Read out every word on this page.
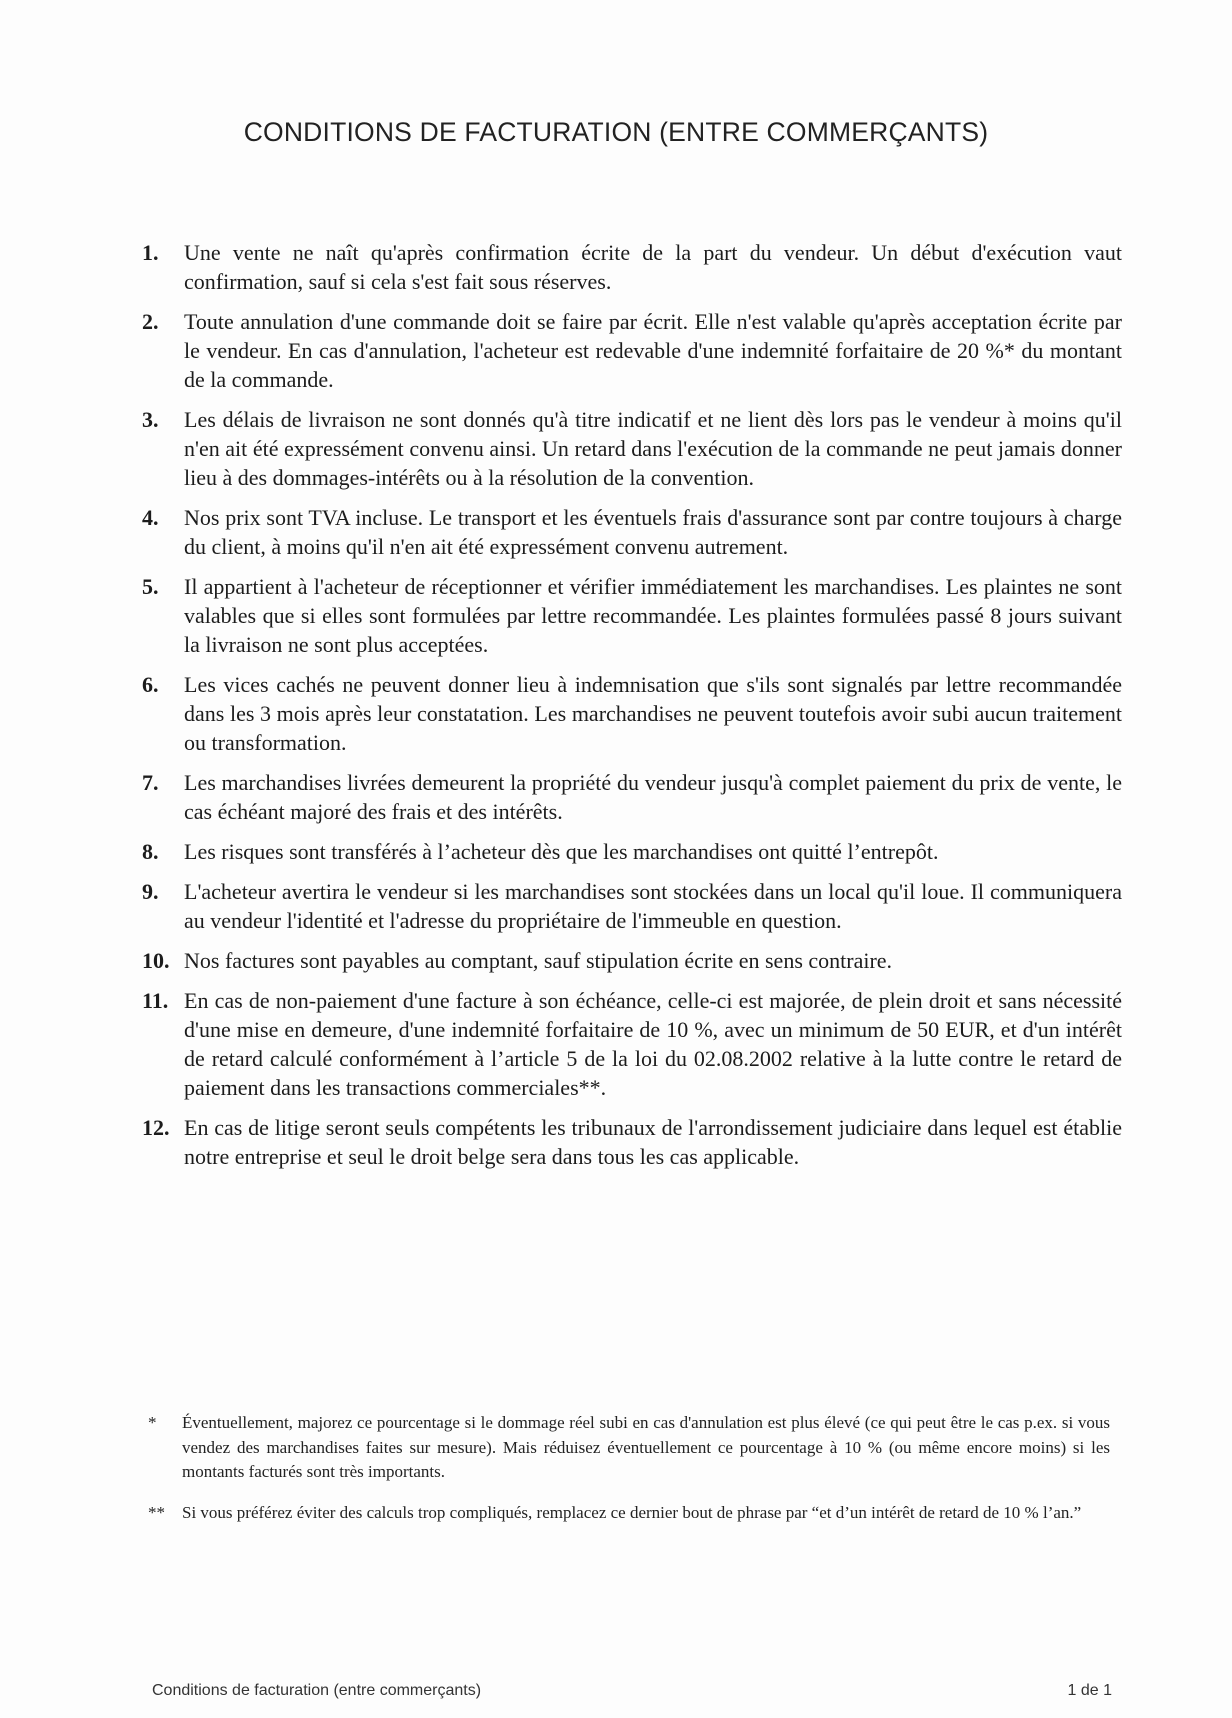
CONDITIONS DE FACTURATION (ENTRE COMMERÇANTS)
1.	Une vente ne naît qu'après confirmation écrite de la part du vendeur. Un début d'exécution vaut confirmation, sauf si cela s'est fait sous réserves.
2.	Toute annulation d'une commande doit se faire par écrit. Elle n'est valable qu'après acceptation écrite par le vendeur. En cas d'annulation, l'acheteur est redevable d'une indemnité forfaitaire de 20 %* du montant de la commande.
3.	Les délais de livraison ne sont donnés qu'à titre indicatif et ne lient dès lors pas le vendeur à moins qu'il n'en ait été expressément convenu ainsi. Un retard dans l'exécution de la commande ne peut jamais donner lieu à des dommages-intérêts ou à la résolution de la convention.
4.	Nos prix sont TVA incluse. Le transport et les éventuels frais d'assurance sont par contre toujours à charge du client, à moins qu'il n'en ait été expressément convenu autrement.
5.	Il appartient à l'acheteur de réceptionner et vérifier immédiatement les marchandises. Les plaintes ne sont valables que si elles sont formulées par lettre recommandée. Les plaintes formulées passé 8 jours suivant la livraison ne sont plus acceptées.
6.	Les vices cachés ne peuvent donner lieu à indemnisation que s'ils sont signalés par lettre recommandée dans les 3 mois après leur constatation. Les marchandises ne peuvent toutefois avoir subi aucun traitement ou transformation.
7.	Les marchandises livrées demeurent la propriété du vendeur jusqu'à complet paiement du prix de vente, le cas échéant majoré des frais et des intérêts.
8.	Les risques sont transférés à l’acheteur dès que les marchandises ont quitté l’entrepôt.
9.	L'acheteur avertira le vendeur si les marchandises sont stockées dans un local qu'il loue. Il communiquera au vendeur l'identité et l'adresse du propriétaire de l'immeuble en question.
10. Nos factures sont payables au comptant, sauf stipulation écrite en sens contraire.
11. En cas de non-paiement d'une facture à son échéance, celle-ci est majorée, de plein droit et sans nécessité d'une mise en demeure, d'une indemnité forfaitaire de 10 %, avec un minimum de 50 EUR, et d'un intérêt de retard calculé conformément à l’article 5 de la loi du 02.08.2002 relative à la lutte contre le retard de paiement dans les transactions commerciales**.
12. En cas de litige seront seuls compétents les tribunaux de l'arrondissement judiciaire dans lequel est établie notre entreprise et seul le droit belge sera dans tous les cas applicable.
*	Éventuellement, majorez ce pourcentage si le dommage réel subi en cas d'annulation est plus élevé (ce qui peut être le cas p.ex. si vous vendez des marchandises faites sur mesure). Mais réduisez éventuellement ce pourcentage à 10 % (ou même encore moins) si les montants facturés sont très importants.
**	Si vous préférez éviter des calculs trop compliqués, remplacez ce dernier bout de phrase par “et d’un intérêt de retard de 10 % l’an.”
Conditions de facturation (entre commerçants)	1 de 1
